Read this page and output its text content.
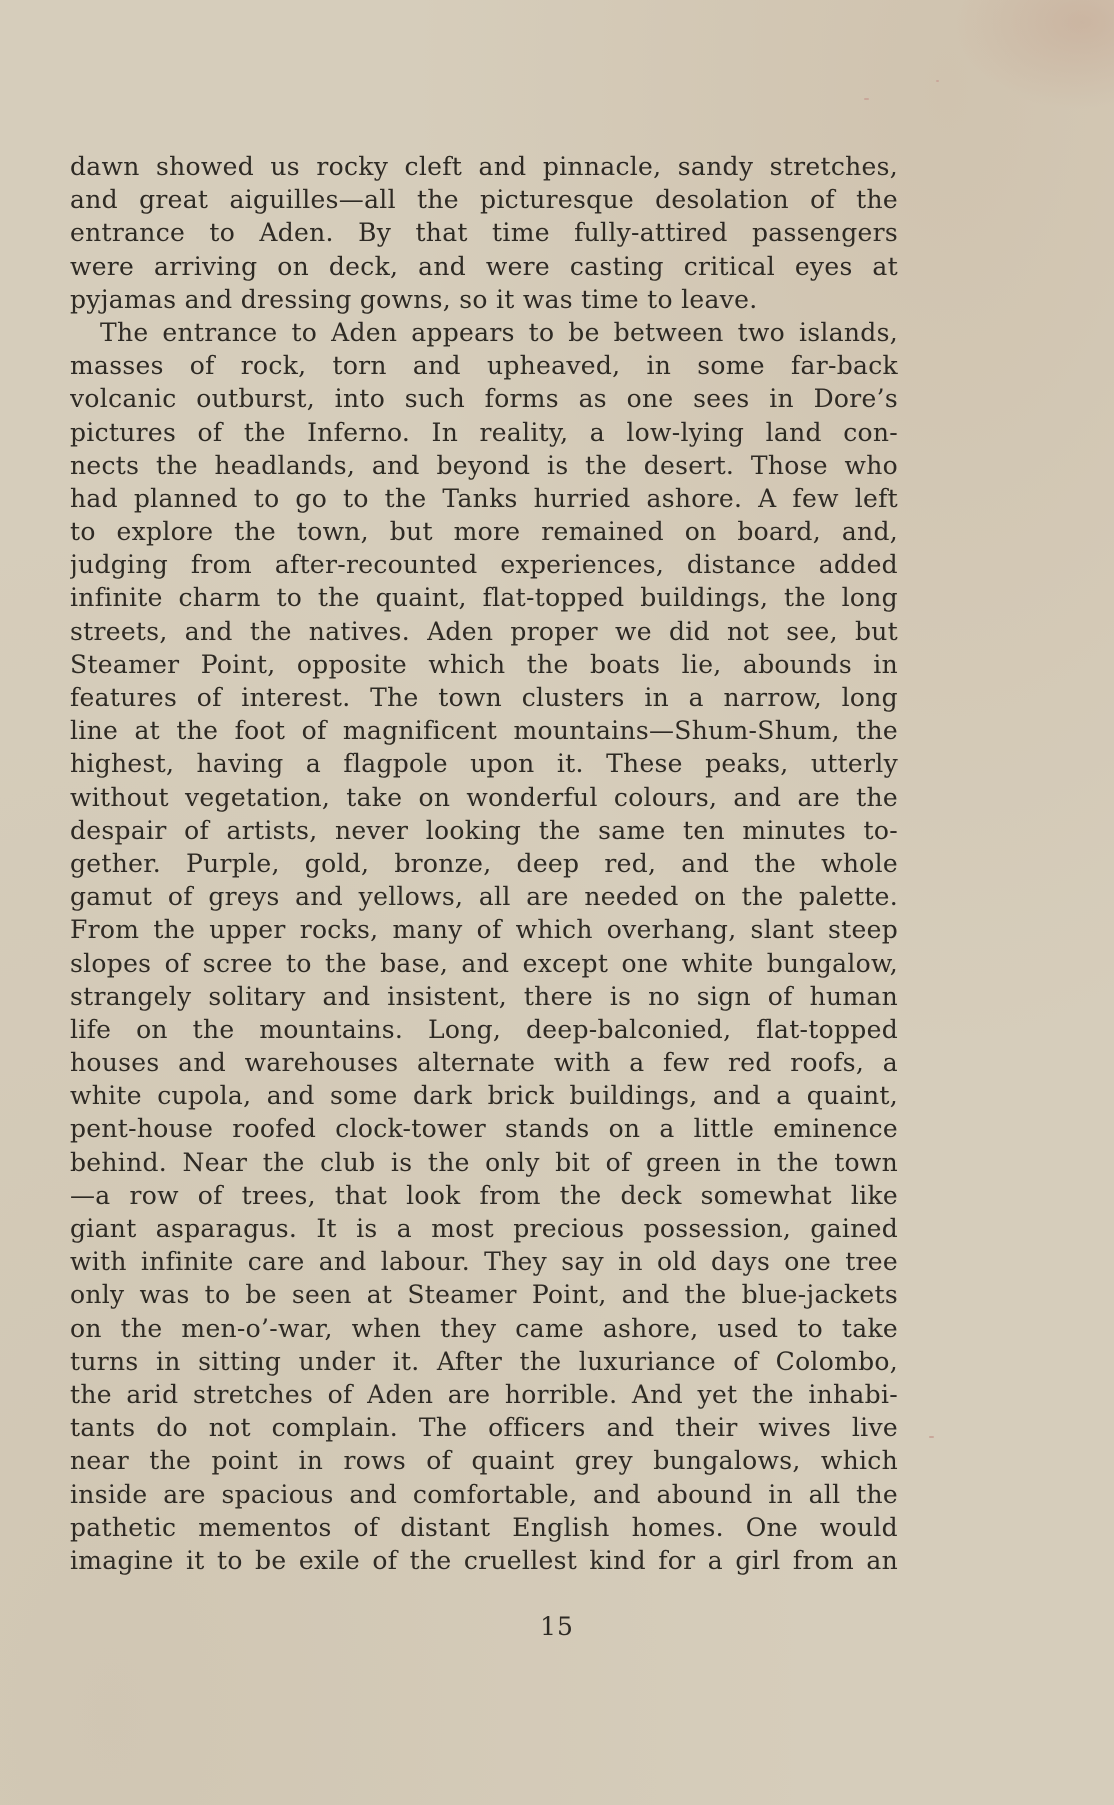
dawn showed us rocky cleft and pinnacle, sandy stretches,
and great aiguilles—all the picturesque desolation of the
entrance to Aden. By that time fully-attired passengers
were arriving on deck, and were casting critical eyes at
pyjamas and dressing gowns, so it was time to leave.
The entrance to Aden appears to be between two islands,
masses of rock, torn and upheaved, in some far-back
volcanic outburst, into such forms as one sees in Dore’s
pictures of the Inferno. In reality, a low-lying land con-
nects the headlands, and beyond is the desert. Those who
had planned to go to the Tanks hurried ashore. A few left
to explore the town, but more remained on board, and,
judging from after-recounted experiences, distance added
infinite charm to the quaint, flat-topped buildings, the long
streets, and the natives. Aden proper we did not see, but
Steamer Point, opposite which the boats lie, abounds in
features of interest. The town clusters in a narrow, long
line at the foot of magnificent mountains—Shum-Shum, the
highest, having a flagpole upon it. These peaks, utterly
without vegetation, take on wonderful colours, and are the
despair of artists, never looking the same ten minutes to-
gether. Purple, gold, bronze, deep red, and the whole
gamut of greys and yellows, all are needed on the palette.
From the upper rocks, many of which overhang, slant steep
slopes of scree to the base, and except one white bungalow,
strangely solitary and insistent, there is no sign of human
life on the mountains. Long, deep-balconied, flat-topped
houses and warehouses alternate with a few red roofs, a
white cupola, and some dark brick buildings, and a quaint,
pent-house roofed clock-tower stands on a little eminence
behind. Near the club is the only bit of green in the town
—a row of trees, that look from the deck somewhat like
giant asparagus. It is a most precious possession, gained
with infinite care and labour. They say in old days one tree
only was to be seen at Steamer Point, and the blue-jackets
on the men-o’-war, when they came ashore, used to take
turns in sitting under it. After the luxuriance of Colombo,
the arid stretches of Aden are horrible. And yet the inhabi-
tants do not complain. The officers and their wives live
near the point in rows of quaint grey bungalows, which
inside are spacious and comfortable, and abound in all the
pathetic mementos of distant English homes. One would
imagine it to be exile of the cruellest kind for a girl from an
15
